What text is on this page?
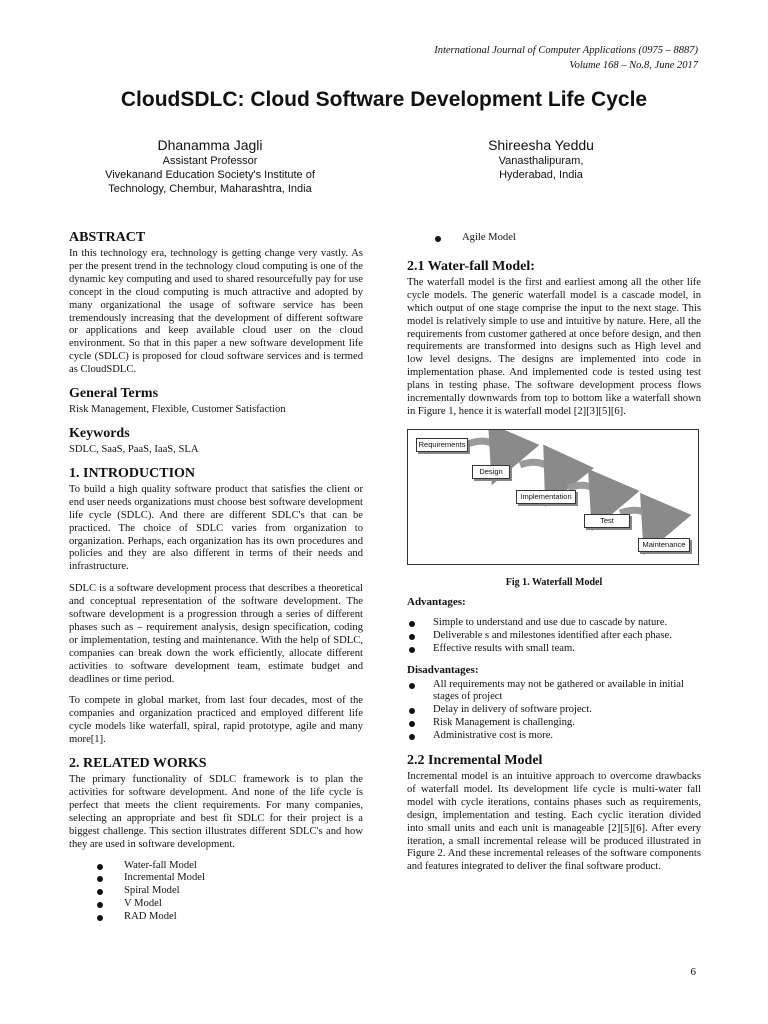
International Journal of Computer Applications (0975 – 8887)
Volume 168 – No.8, June 2017
CloudSDLC: Cloud Software Development Life Cycle
Dhanamma Jagli
Assistant Professor
Vivekanand Education Society's Institute of
Technology, Chembur, Maharashtra, India
Shireesha Yeddu
Vanasthalipuram,
Hyderabad, India
ABSTRACT

In this technology era, technology is getting change very vastly. As per the present trend in the technology cloud computing is one of the dynamic key computing and used to shared resourcefully pay for use concept in the cloud computing is much attractive and adopted by many organizational the usage of software service has been tremendously increasing that the development of different software or applications and keep available cloud user on the cloud environment. So that in this paper a new software development life cycle (SDLC) is proposed for cloud software services and is termed as CloudSDLC.

General Terms

Risk Management, Flexible, Customer Satisfaction

Keywords

SDLC, SaaS, PaaS, IaaS, SLA

1. INTRODUCTION

To build a high quality software product that satisfies the client or end user needs organizations must choose best software development life cycle (SDLC). And there are different SDLC's that can be practiced. The choice of SDLC varies from organization to organization. Perhaps, each organization has its own procedures and policies and they are also different in terms of their needs and infrastructure.

SDLC is a software development process that describes a theoretical and conceptual representation of the software development. The software development is a progression through a series of different phases such as – requirement analysis, design specification, coding or implementation, testing and maintenance. With the help of SDLC, companies can break down the work efficiently, allocate different activities to software development team, estimate budget and deadlines or time period.

To compete in global market, from last four decades, most of the companies and organization practiced and employed different life cycle models like waterfall, spiral, rapid prototype, agile and many more[1].

2. RELATED WORKS

The primary functionality of SDLC framework is to plan the activities for software development. And none of the life cycle is perfect that meets the client requirements. For many companies, selecting an appropriate and best fit SDLC for their project is a biggest challenge. This section illustrates different SDLC's and how they are used in software development.

Water-fall Model
Incremental Model
Spiral Model
V Model
RAD Model
Agile Model
2.1 Water-fall Model:

The waterfall model is the first and earliest among all the other life cycle models. The generic waterfall model is a cascade model, in which output of one stage comprise the input to the next stage. This model is relatively simple to use and intuitive by nature. Here, all the requirements from customer gathered at once before design, and then requirements are transformed into designs such as High level and low level designs. The designs are implemented into code in implementation phase. And implemented code is tested using test plans in testing phase. The software development process flows incrementally downwards from top to bottom like a waterfall shown in Figure 1, hence it is waterfall model [2][3][5][6].

Requirements
Design
Implementation
Test
Maintenance
Fig 1. Waterfall Model
Advantages:
Simple to understand and use due to cascade by nature.
Deliverable s and milestones identified after each phase.
Effective results with small team.
Disadvantages:
All requirements may not be gathered or available in initial stages of project
Delay in delivery of software project.
Risk Management is challenging.
Administrative cost is more.
2.2 Incremental Model

Incremental model is an intuitive approach to overcome drawbacks of waterfall model. Its development life cycle is multi-water fall model with cycle iterations, contains phases such as requirements, design, implementation and testing. Each cyclic iteration divided into small units and each unit is manageable [2][5][6]. After every iteration, a small incremental release will be produced illustrated in Figure 2. And these incremental releases of the software components and features integrated to deliver the final software product.

6
